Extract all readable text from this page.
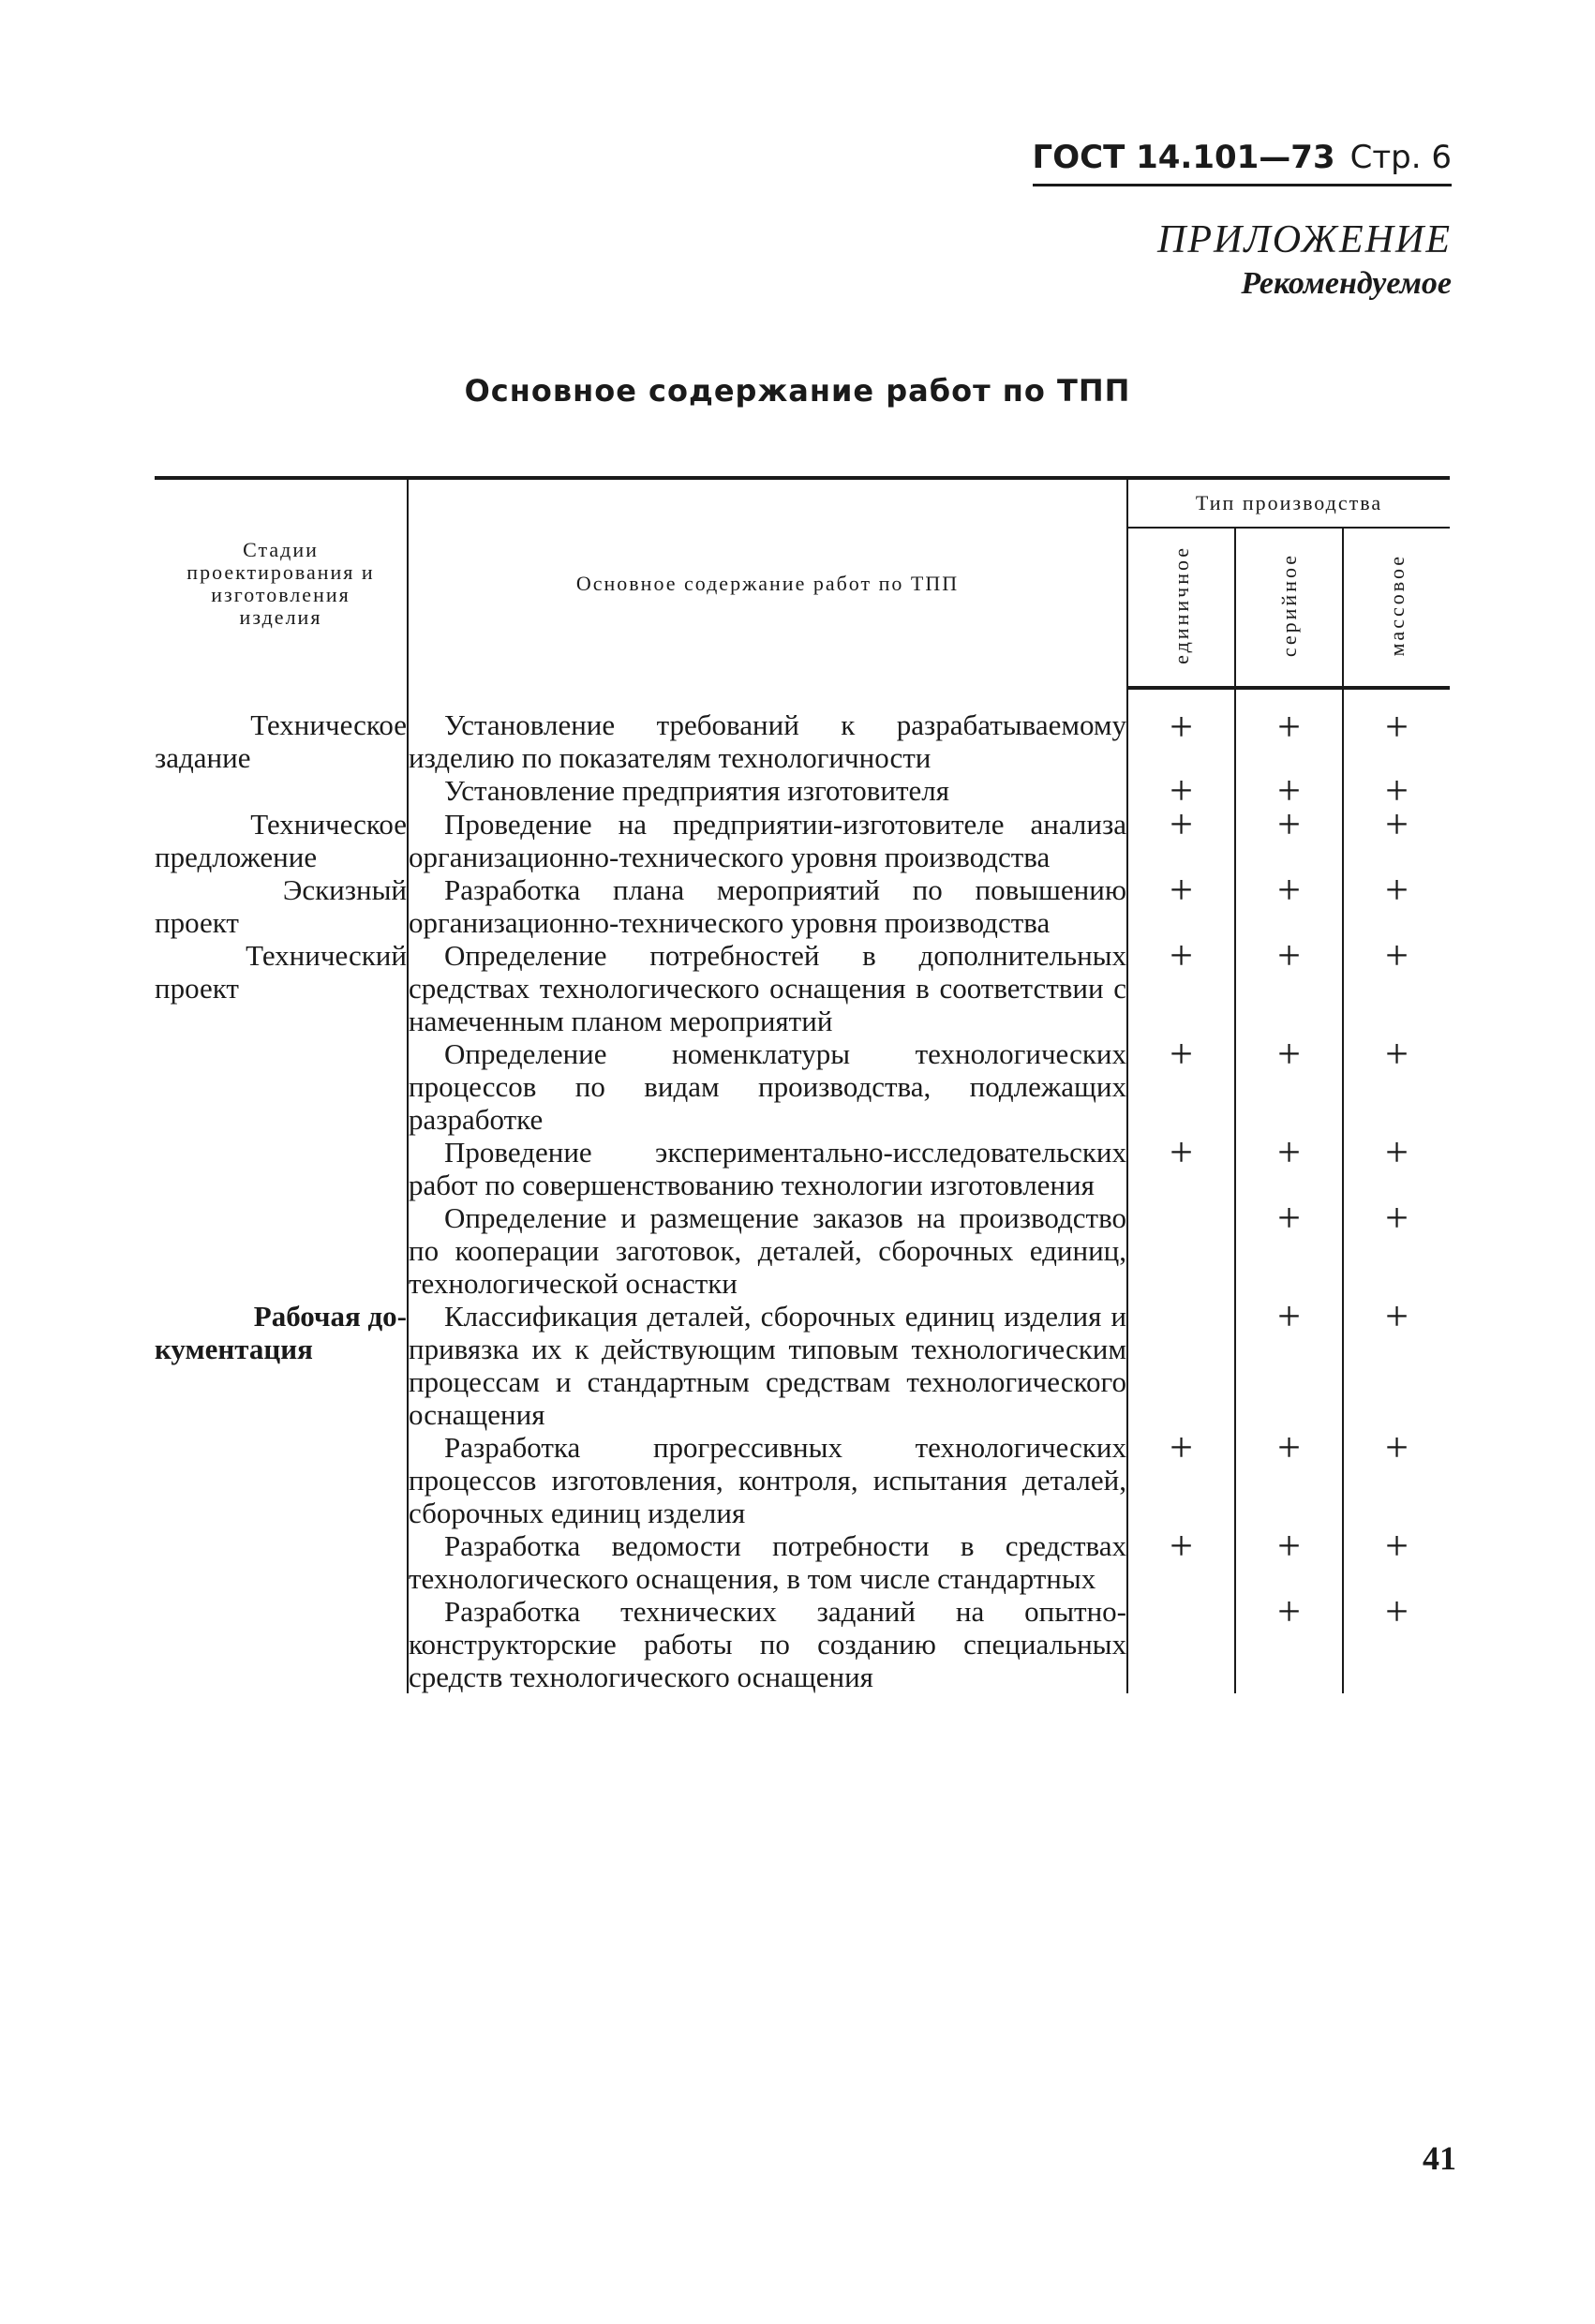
ГОСТ 14.101—73 Стр. 6
ПРИЛОЖЕНИЕ
Рекомендуемое
Основное содержание работ по ТПП
Стадии проектирования и изготовления изделия	Основное содержание работ по ТПП	Тип производства		
		единичное	серийное	массовое

Техническое
задание	Установление требований к разрабатываемому изделию по показателям технологичности	+	+	+
	Установление предприятия изготовителя	+	+	+

Техническое
предложение	Проведение на предприятии-изготовителе анализа организационно-технического уровня производства	+	+	+

Эскизный
проект	Разработка плана мероприятий по повышению организационно-технического уровня производства	+	+	+

Технический
проект	Определение потребностей в дополнительных средствах технологического оснащения в соответствии с намеченным планом мероприятий	+	+	+
	Определение номенклатуры технологических процессов по видам производства, подлежащих разработке	+	+	+
	Проведение экспериментально-исследовательских работ по совершенствованию технологии изготовления	+	+	+
	Определение и размещение заказов на производство по кооперации заготовок, деталей, сборочных единиц, технологической оснастки		+	+

Рабочая до-
кументация	Классификация деталей, сборочных единиц изделия и привязка их к действующим типовым технологическим процессам и стандартным средствам технологического оснащения		+	+
	Разработка прогрессивных технологических процессов изготовления, контроля, испытания деталей, сборочных единиц изделия	+	+	+
	Разработка ведомости потребности в средствах технологического оснащения, в том числе стандартных	+	+	+
	Разработка технических заданий на опытно-конструкторские работы по созданию специальных средств технологического оснащения		+	+
41
